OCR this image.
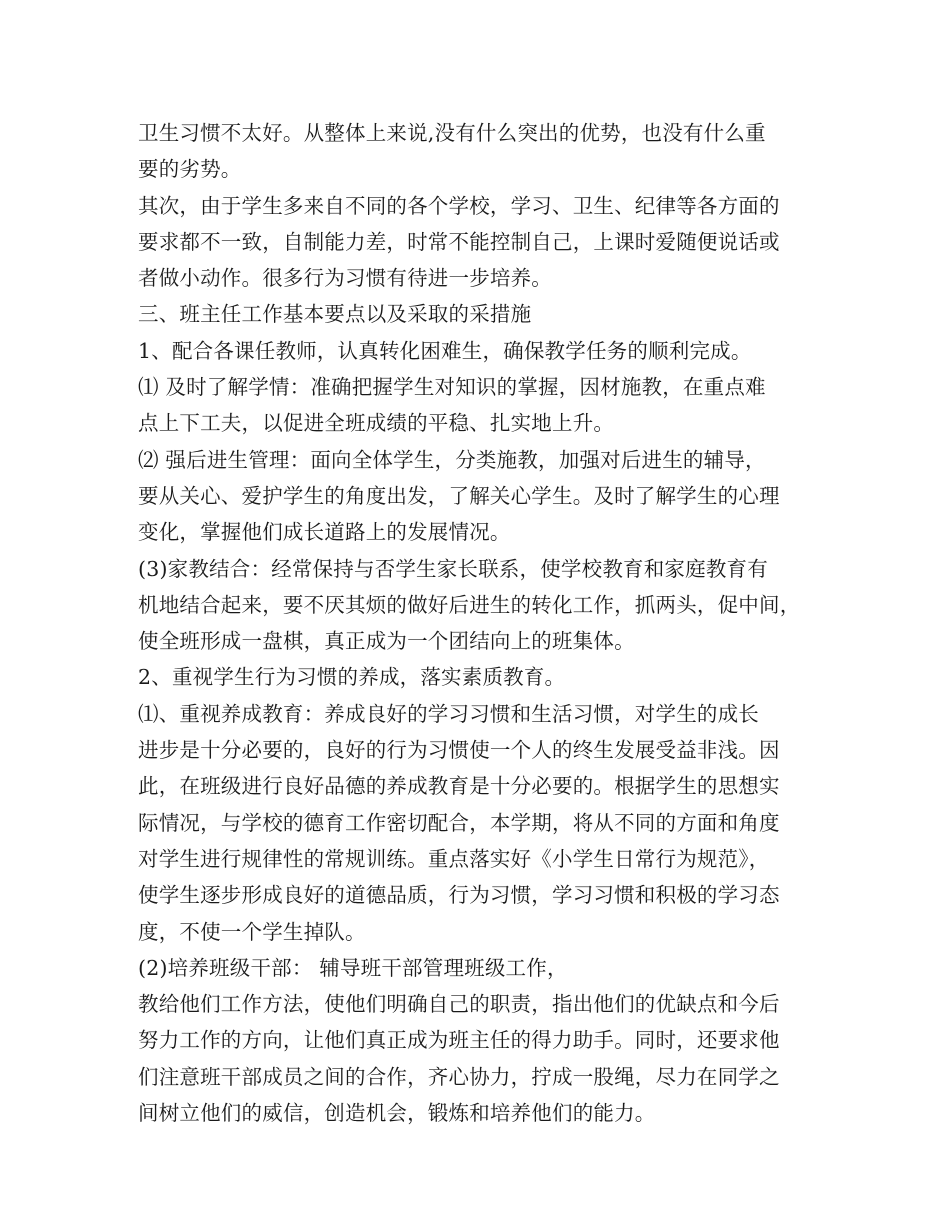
卫生习惯不太好。从整体上来说,没有什么突出的优势，也没有什么重
要的劣势。
其次，由于学生多来自不同的各个学校，学习、卫生、纪律等各方面的
要求都不一致，自制能力差，时常不能控制自己，上课时爱随便说话或
者做小动作。很多行为习惯有待进一步培养。
三、班主任工作基本要点以及采取的采措施
1、配合各课任教师，认真转化困难生，确保教学任务的顺利完成。
⑴ 及时了解学情：准确把握学生对知识的掌握，因材施教，在重点难
点上下工夫，以促进全班成绩的平稳、扎实地上升。
⑵ 强后进生管理：面向全体学生，分类施教，加强对后进生的辅导，
要从关心、爱护学生的角度出发，了解关心学生。及时了解学生的心理
变化，掌握他们成长道路上的发展情况。
(3)家教结合：经常保持与否学生家长联系，使学校教育和家庭教育有
机地结合起来，要不厌其烦的做好后进生的转化工作，抓两头，促中间，
使全班形成一盘棋，真正成为一个团结向上的班集体。
2、重视学生行为习惯的养成，落实素质教育。
⑴、重视养成教育：养成良好的学习习惯和生活习惯，对学生的成长
进步是十分必要的，良好的行为习惯使一个人的终生发展受益非浅。因
此，在班级进行良好品德的养成教育是十分必要的。根据学生的思想实
际情况，与学校的德育工作密切配合，本学期，将从不同的方面和角度
对学生进行规律性的常规训练。重点落实好《小学生日常行为规范》，
使学生逐步形成良好的道德品质，行为习惯，学习习惯和积极的学习态
度，不使一个学生掉队。
(2)培养班级干部： 辅导班干部管理班级工作，
教给他们工作方法，使他们明确自己的职责，指出他们的优缺点和今后
努力工作的方向，让他们真正成为班主任的得力助手。同时，还要求他
们注意班干部成员之间的合作，齐心协力，拧成一股绳，尽力在同学之
间树立他们的威信，创造机会，锻炼和培养他们的能力。
